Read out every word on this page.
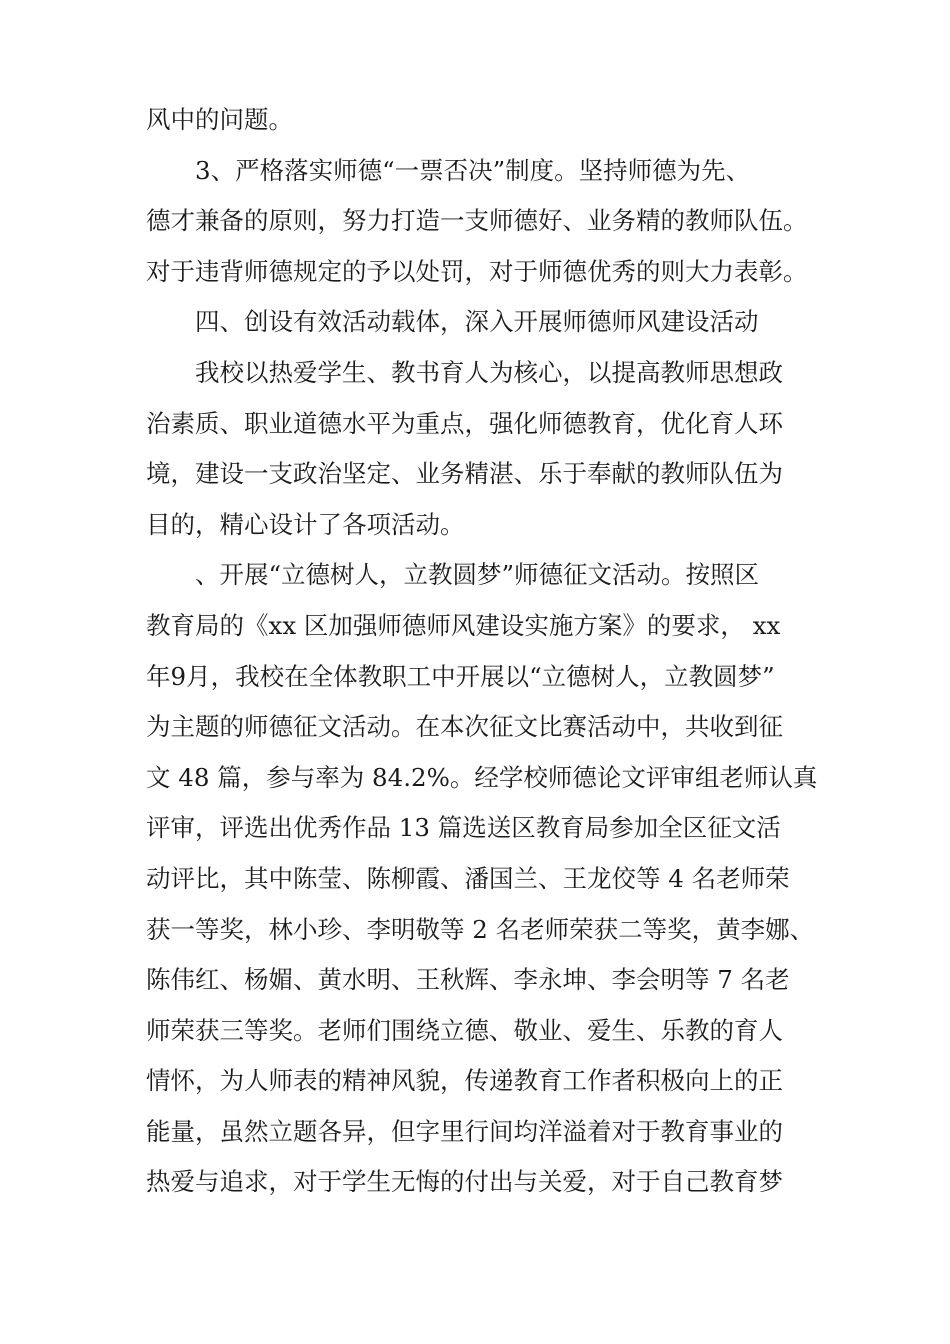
风中的问题。
3、严格落实师德“一票否决”制度。坚持师德为先、
德才兼备的原则，努力打造一支师德好、业务精的教师队伍。
对于违背师德规定的予以处罚，对于师德优秀的则大力表彰。
四、创设有效活动载体，深入开展师德师风建设活动
我校以热爱学生、教书育人为核心，以提高教师思想政
治素质、职业道德水平为重点，强化师德教育，优化育人环
境，建设一支政治坚定、业务精湛、乐于奉献的教师队伍为
目的，精心设计了各项活动。
、开展“立德树人，立教圆梦”师德征文活动。按照区
教育局的《xx 区加强师德师风建设实施方案》的要求， xx
年9月，我校在全体教职工中开展以“立德树人，立教圆梦”
为主题的师德征文活动。在本次征文比赛活动中，共收到征
文 48 篇，参与率为 84.2%。经学校师德论文评审组老师认真
评审，评选出优秀作品 13 篇选送区教育局参加全区征文活
动评比，其中陈莹、陈柳霞、潘国兰、王龙佼等 4 名老师荣
获一等奖，林小珍、李明敬等 2 名老师荣获二等奖，黄李娜、
陈伟红、杨媚、黄水明、王秋辉、李永坤、李会明等 7 名老
师荣获三等奖。老师们围绕立德、敬业、爱生、乐教的育人
情怀，为人师表的精神风貌，传递教育工作者积极向上的正
能量，虽然立题各异，但字里行间均洋溢着对于教育事业的
热爱与追求，对于学生无悔的付出与关爱，对于自己教育梦
